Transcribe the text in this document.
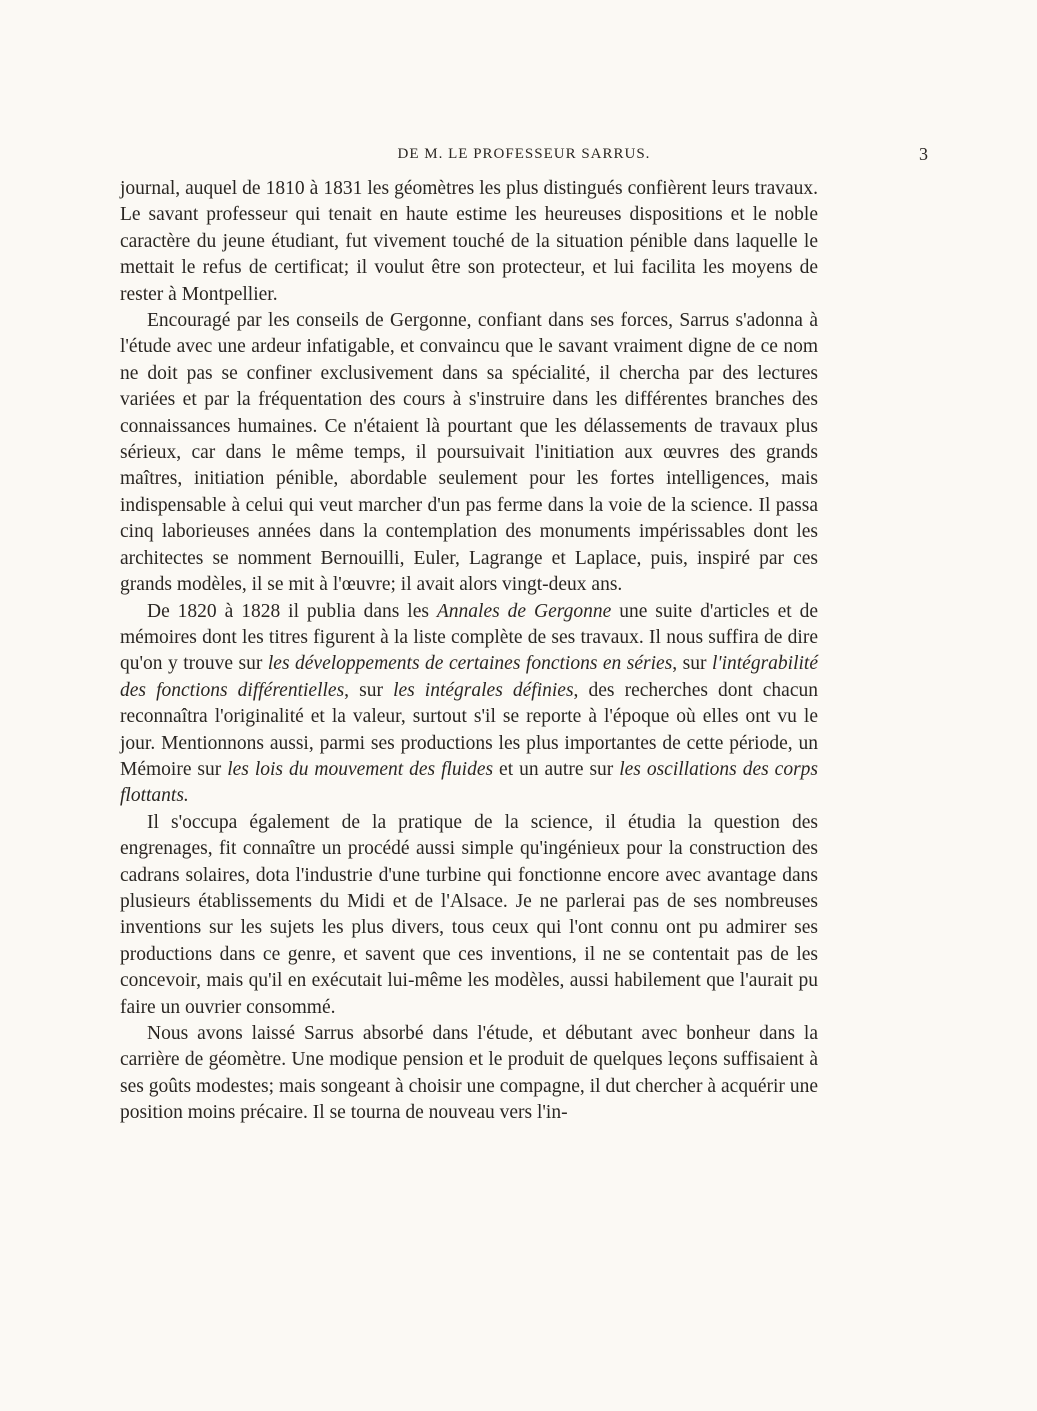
DE M. LE PROFESSEUR SARRUS.	3

journal, auquel de 1810 à 1831 les géomètres les plus distingués confièrent leurs travaux. Le savant professeur qui tenait en haute estime les heureuses dispositions et le noble caractère du jeune étudiant, fut vivement touché de la situation pénible dans laquelle le mettait le refus de certificat; il voulut être son protecteur, et lui facilita les moyens de rester à Montpellier.

Encouragé par les conseils de Gergonne, confiant dans ses forces, Sarrus s'adonna à l'étude avec une ardeur infatigable, et convaincu que le savant vraiment digne de ce nom ne doit pas se confiner exclusivement dans sa spécialité, il chercha par des lectures variées et par la fréquentation des cours à s'instruire dans les différentes branches des connaissances humaines. Ce n'étaient là pourtant que les délassements de travaux plus sérieux, car dans le même temps, il poursuivait l'initiation aux œuvres des grands maîtres, initiation pénible, abordable seulement pour les fortes intelligences, mais indispensable à celui qui veut marcher d'un pas ferme dans la voie de la science. Il passa cinq laborieuses années dans la contemplation des monuments impérissables dont les architectes se nomment Bernouilli, Euler, Lagrange et Laplace, puis, inspiré par ces grands modèles, il se mit à l'œuvre; il avait alors vingt-deux ans.

De 1820 à 1828 il publia dans les Annales de Gergonne une suite d'articles et de mémoires dont les titres figurent à la liste complète de ses travaux. Il nous suffira de dire qu'on y trouve sur les développements de certaines fonctions en séries, sur l'intégrabilité des fonctions différentielles, sur les intégrales définies, des recherches dont chacun reconnaîtra l'originalité et la valeur, surtout s'il se reporte à l'époque où elles ont vu le jour. Mentionnons aussi, parmi ses productions les plus importantes de cette période, un Mémoire sur les lois du mouvement des fluides et un autre sur les oscillations des corps flottants.

Il s'occupa également de la pratique de la science, il étudia la question des engrenages, fit connaître un procédé aussi simple qu'ingénieux pour la construction des cadrans solaires, dota l'industrie d'une turbine qui fonctionne encore avec avantage dans plusieurs établissements du Midi et de l'Alsace. Je ne parlerai pas de ses nombreuses inventions sur les sujets les plus divers, tous ceux qui l'ont connu ont pu admirer ses productions dans ce genre, et savent que ces inventions, il ne se contentait pas de les concevoir, mais qu'il en exécutait lui-même les modèles, aussi habilement que l'aurait pu faire un ouvrier consommé.

Nous avons laissé Sarrus absorbé dans l'étude, et débutant avec bonheur dans la carrière de géomètre. Une modique pension et le produit de quelques leçons suffisaient à ses goûts modestes; mais songeant à choisir une compagne, il dut chercher à acquérir une position moins précaire. Il se tourna de nouveau vers l'in-
